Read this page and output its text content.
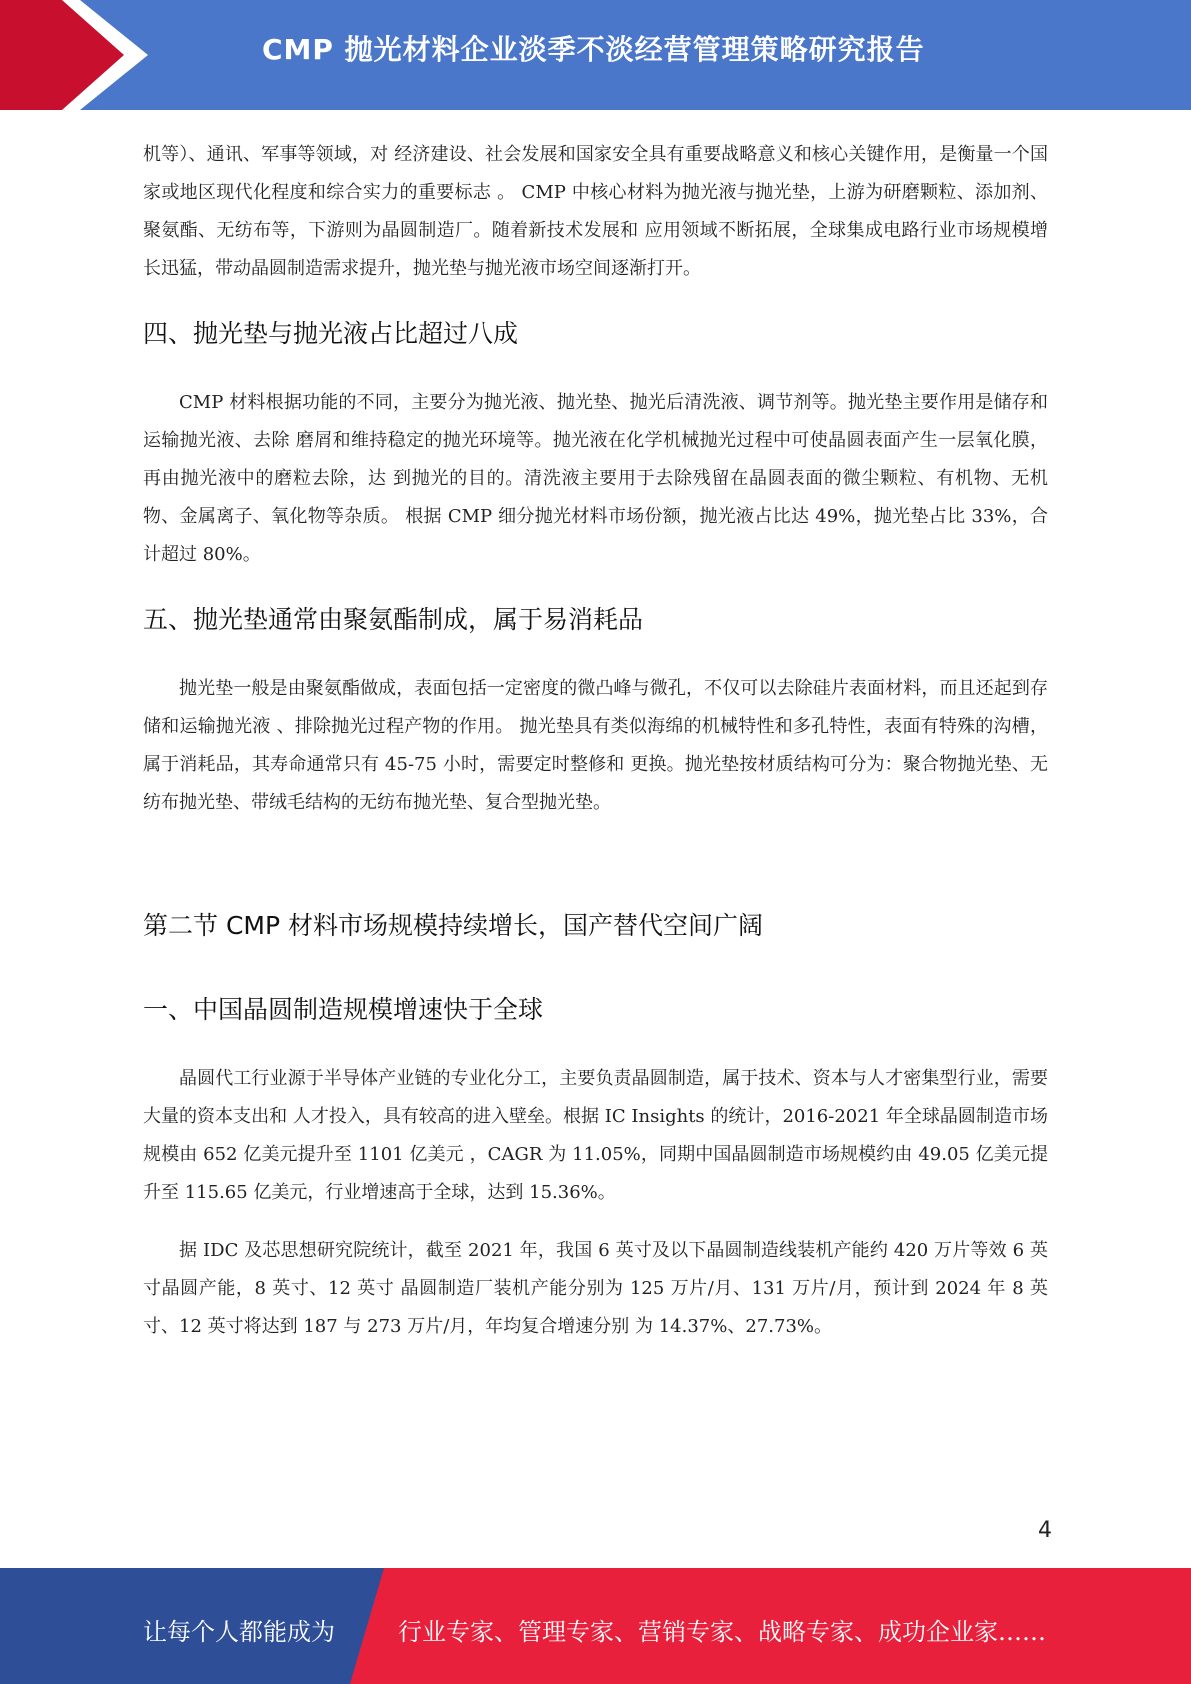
CMP 抛光材料企业淡季不淡经营管理策略研究报告

机等）、通讯、军事等领域，对 经济建设、社会发展和国家安全具有重要战略意义和核心关键作用，是衡量一个国家或地区现代化程度和综合实力的重要标志 。 CMP 中核心材料为抛光液与抛光垫，上游为研磨颗粒、添加剂、聚氨酯、无纺布等，下游则为晶圆制造厂。随着新技术发展和 应用领域不断拓展，全球集成电路行业市场规模增长迅猛，带动晶圆制造需求提升，抛光垫与抛光液市场空间逐渐打开。

四、抛光垫与抛光液占比超过八成

CMP 材料根据功能的不同，主要分为抛光液、抛光垫、抛光后清洗液、调节剂等。抛光垫主要作用是储存和运输抛光液、去除 磨屑和维持稳定的抛光环境等。抛光液在化学机械抛光过程中可使晶圆表面产生一层氧化膜，再由抛光液中的磨粒去除，达 到抛光的目的。清洗液主要用于去除残留在晶圆表面的微尘颗粒、有机物、无机物、金属离子、氧化物等杂质。 根据 CMP 细分抛光材料市场份额，抛光液占比达 49%，抛光垫占比 33%，合计超过 80%。

五、抛光垫通常由聚氨酯制成，属于易消耗品

抛光垫一般是由聚氨酯做成，表面包括一定密度的微凸峰与微孔，不仅可以去除硅片表面材料，而且还起到存储和运输抛光液 、排除抛光过程产物的作用。 抛光垫具有类似海绵的机械特性和多孔特性，表面有特殊的沟槽，属于消耗品，其寿命通常只有 45-75 小时，需要定时整修和 更换。抛光垫按材质结构可分为：聚合物抛光垫、无纺布抛光垫、带绒毛结构的无纺布抛光垫、复合型抛光垫。

第二节 CMP 材料市场规模持续增长，国产替代空间广阔
一、中国晶圆制造规模增速快于全球

晶圆代工行业源于半导体产业链的专业化分工，主要负责晶圆制造，属于技术、资本与人才密集型行业，需要大量的资本支出和 人才投入，具有较高的进入壁垒。根据 IC Insights 的统计，2016-2021 年全球晶圆制造市场规模由 652 亿美元提升至 1101 亿美元 ，CAGR 为 11.05%，同期中国晶圆制造市场规模约由 49.05 亿美元提升至 115.65 亿美元，行业增速高于全球，达到 15.36%。

据 IDC 及芯思想研究院统计，截至 2021 年，我国 6 英寸及以下晶圆制造线装机产能约 420 万片等效 6 英寸晶圆产能，8 英寸、12 英寸 晶圆制造厂装机产能分别为 125 万片/月、131 万片/月，预计到 2024 年 8 英寸、12 英寸将达到 187 与 273 万片/月，年均复合增速分别 为 14.37%、27.73%。

4
让每个人都能成为	行业专家、管理专家、营销专家、战略专家、成功企业家……
